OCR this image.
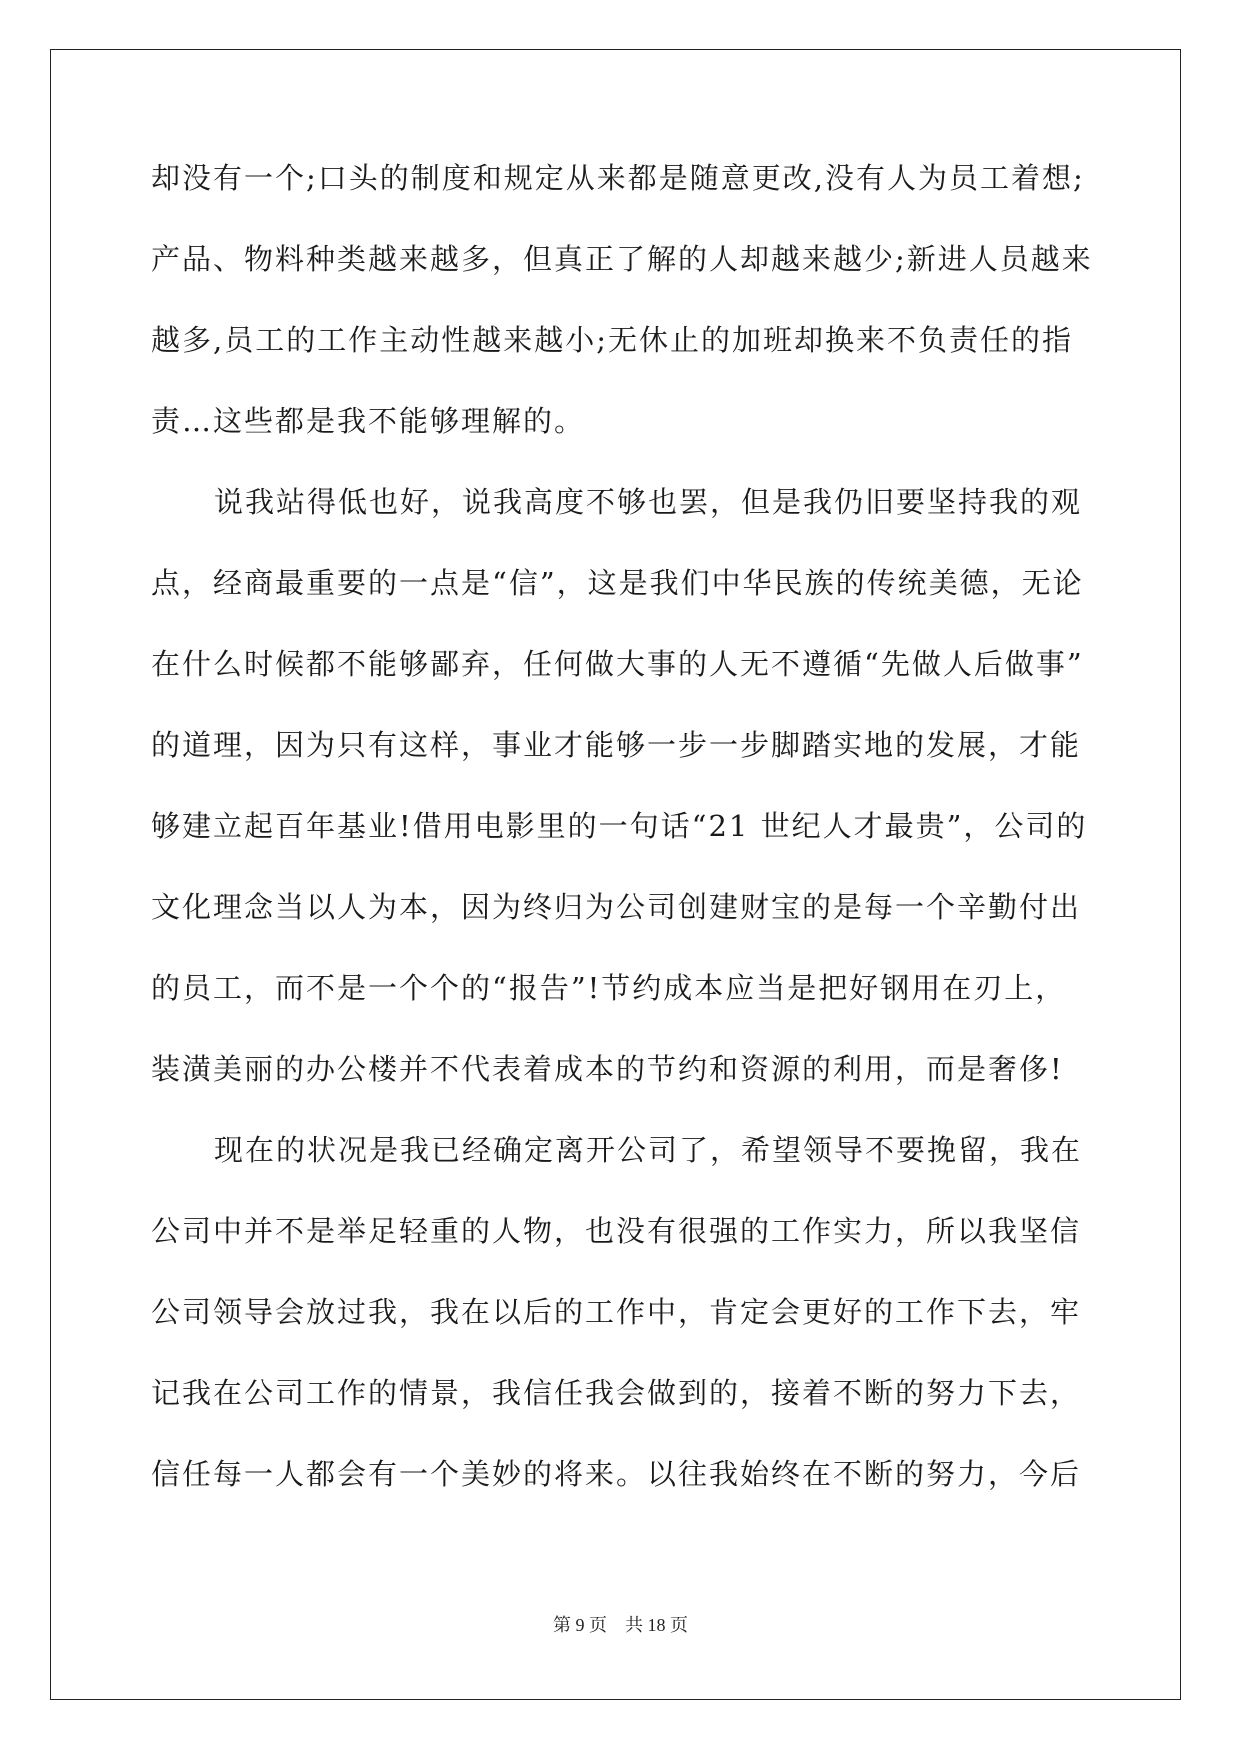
却没有一个;口头的制度和规定从来都是随意更改,没有人为员工着想;
产品、物料种类越来越多，但真正了解的人却越来越少;新进人员越来
越多,员工的工作主动性越来越小;无休止的加班却换来不负责任的指
责…这些都是我不能够理解的。
说我站得低也好，说我高度不够也罢，但是我仍旧要坚持我的观
点，经商最重要的一点是“信”，这是我们中华民族的传统美德，无论
在什么时候都不能够鄙弃，任何做大事的人无不遵循“先做人后做事”
的道理，因为只有这样，事业才能够一步一步脚踏实地的发展，才能
够建立起百年基业!借用电影里的一句话“21 世纪人才最贵”，公司的
文化理念当以人为本，因为终归为公司创建财宝的是每一个辛勤付出
的员工，而不是一个个的“报告”!节约成本应当是把好钢用在刃上，
装潢美丽的办公楼并不代表着成本的节约和资源的利用，而是奢侈!
现在的状况是我已经确定离开公司了，希望领导不要挽留，我在
公司中并不是举足轻重的人物，也没有很强的工作实力，所以我坚信
公司领导会放过我，我在以后的工作中，肯定会更好的工作下去，牢
记我在公司工作的情景，我信任我会做到的，接着不断的努力下去，
信任每一人都会有一个美妙的将来。以往我始终在不断的努力，今后
第 9 页 共 18 页
